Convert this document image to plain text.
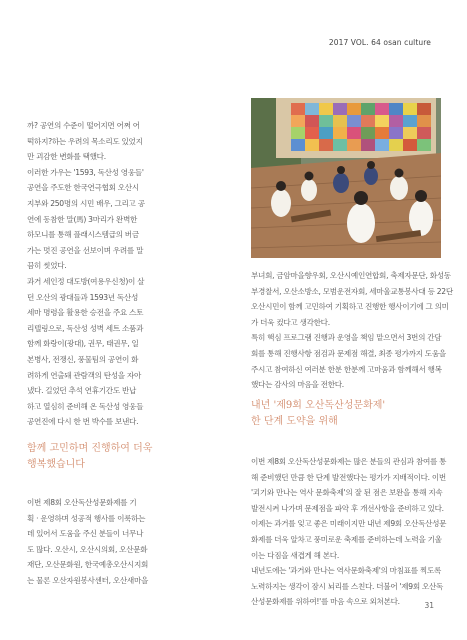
2017 VOL. 64 osan culture

까? 공연의 수준이 떨어지면 어쩌 어

떡하지?하는 우려의 목소리도 있었지

만 괴감한 변화를 택했다.

이러한 가우는 '1593, 독산성 영웅들'

공연을 주도한 한국연극협회 오산시

지부와 250명의 시민 배우, 그리고 공

연에 동참한 말(馬) 3마리가 완벽한

하모니를 통해 플래시스템급의 버금

가는 멋진 공연을 선보이며 우려를 말

끔히 씻었다.

과거 세인정 대도방(여용우신청)이 살

던 오산의 광대들과 1593년 독산성

세마 명령을 활용한 승전을 주요 스토

리텔링으로, 독산성 성벽 세트 소품과

함께 화랑이(광대), 권무, 태권무, 일

본병사, 전쟁신, 풍물팀의 공연이 화

려하게 연출돼 관람객의 탄성을 자아

냈다. 길었던 추석 연휴기간도 반납

하고 열심히 준비해 온 독산성 영웅들

공연진에 다시 한 번 박수를 보낸다.

함께 고민하며 진행하여 더욱

행복했습니다

이번 제8회 오산독산성문화제를 기

획 · 운영하며 성공적 행사를 이룩하는

데 있어서 도움을 주신 분들이 너무나

도 많다. 오산시, 오산시의회, 오산문화

재단, 오산문화원, 한국예총오산시지회

는 물론 오산자원봉사센터, 오산새마을

부녀회, 금암마을향우회, 오산시예인연합회, 축제자문단, 화성동

부경찰서, 오산소방소, 모범운전자회, 세마울교통봉사대 등 22단

오산시민이 함께 고민하여 기획하고 진행한 행사이기에 그 의미

가 더욱 컸다고 생각한다.

특히 핵심 프로그램 진행과 운영을 책임 맡으면서 3번의 간담

회를 통해 진행사항 점검과 문제점 해결, 최종 평가까지 도움을

주시고 참여하신 여러분 한분 한분께 고마움과 함께해서 행복

했다는 감사의 마음을 전한다.

내년 '제9회 오산독산성문화제'

한 단계 도약을 위해

이번 제8회 오산독산성문화제는 많은 분들의 관심과 참여를 통

해 준비했던 만큼 한 단계 발전했다는 평가가 지배적이다. 이번

'괴기와 만나는 역사 문화축제'의 잘 된 점은 보완을 통해 지속

발전시켜 나가며 문제점을 파악 후 개선사항을 준비하고 있다.

이제는 과거를 잊고 좋은 미래이지만 내년 제9회 오산독산성문

화제를 더욱 알차고 풍미로운 축제를 준비하는데 노력을 기울

이는 다짐을 새겹게 해 본다.

내년도에는 '과거와 만나는 역사문화축제'의 마침표를 찍도록

노력하지는 생각이 잠시 뇌리를 스친다. 더불어 '제9회 오산독

산성문화제를 위하여!'를 마음 속으로 외쳐본다.	31
